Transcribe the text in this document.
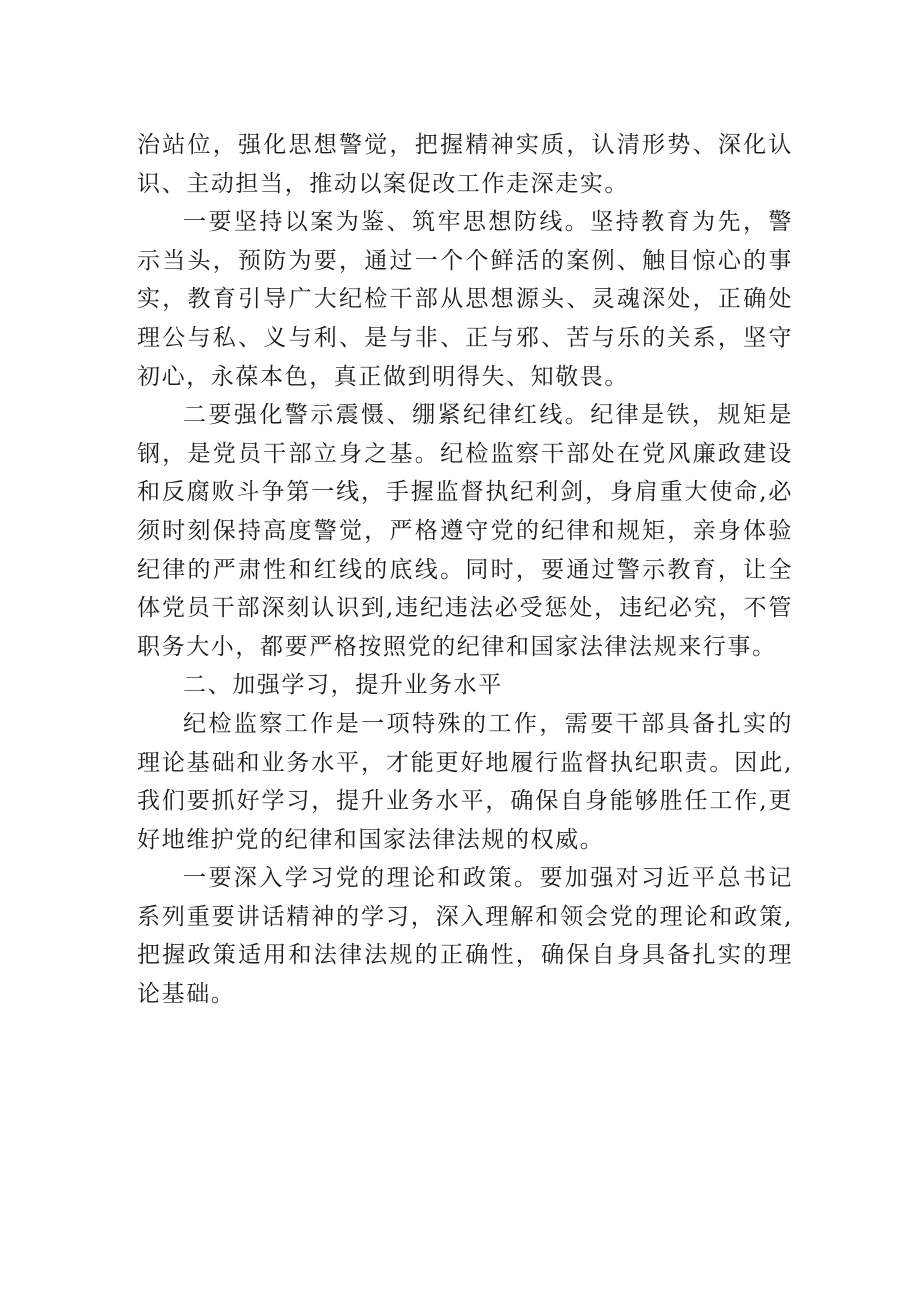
治站位，强化思想警觉，把握精神实质，认清形势、深化认识、主动担当，推动以案促改工作走深走实。

一要坚持以案为鉴、筑牢思想防线。坚持教育为先，警示当头，预防为要，通过一个个鲜活的案例、触目惊心的事实，教育引导广大纪检干部从思想源头、灵魂深处，正确处理公与私、义与利、是与非、正与邪、苦与乐的关系，坚守初心，永葆本色，真正做到明得失、知敬畏。

二要强化警示震慑、绷紧纪律红线。纪律是铁，规矩是钢，是党员干部立身之基。纪检监察干部处在党风廉政建设和反腐败斗争第一线，手握监督执纪利剑，身肩重大使命,必须时刻保持高度警觉，严格遵守党的纪律和规矩，亲身体验纪律的严肃性和红线的底线。同时，要通过警示教育，让全体党员干部深刻认识到,违纪违法必受惩处，违纪必究，不管职务大小，都要严格按照党的纪律和国家法律法规来行事。

二、加强学习，提升业务水平

纪检监察工作是一项特殊的工作，需要干部具备扎实的理论基础和业务水平，才能更好地履行监督执纪职责。因此,我们要抓好学习，提升业务水平，确保自身能够胜任工作,更好地维护党的纪律和国家法律法规的权威。

一要深入学习党的理论和政策。要加强对习近平总书记系列重要讲话精神的学习，深入理解和领会党的理论和政策,把握政策适用和法律法规的正确性，确保自身具备扎实的理论基础。
